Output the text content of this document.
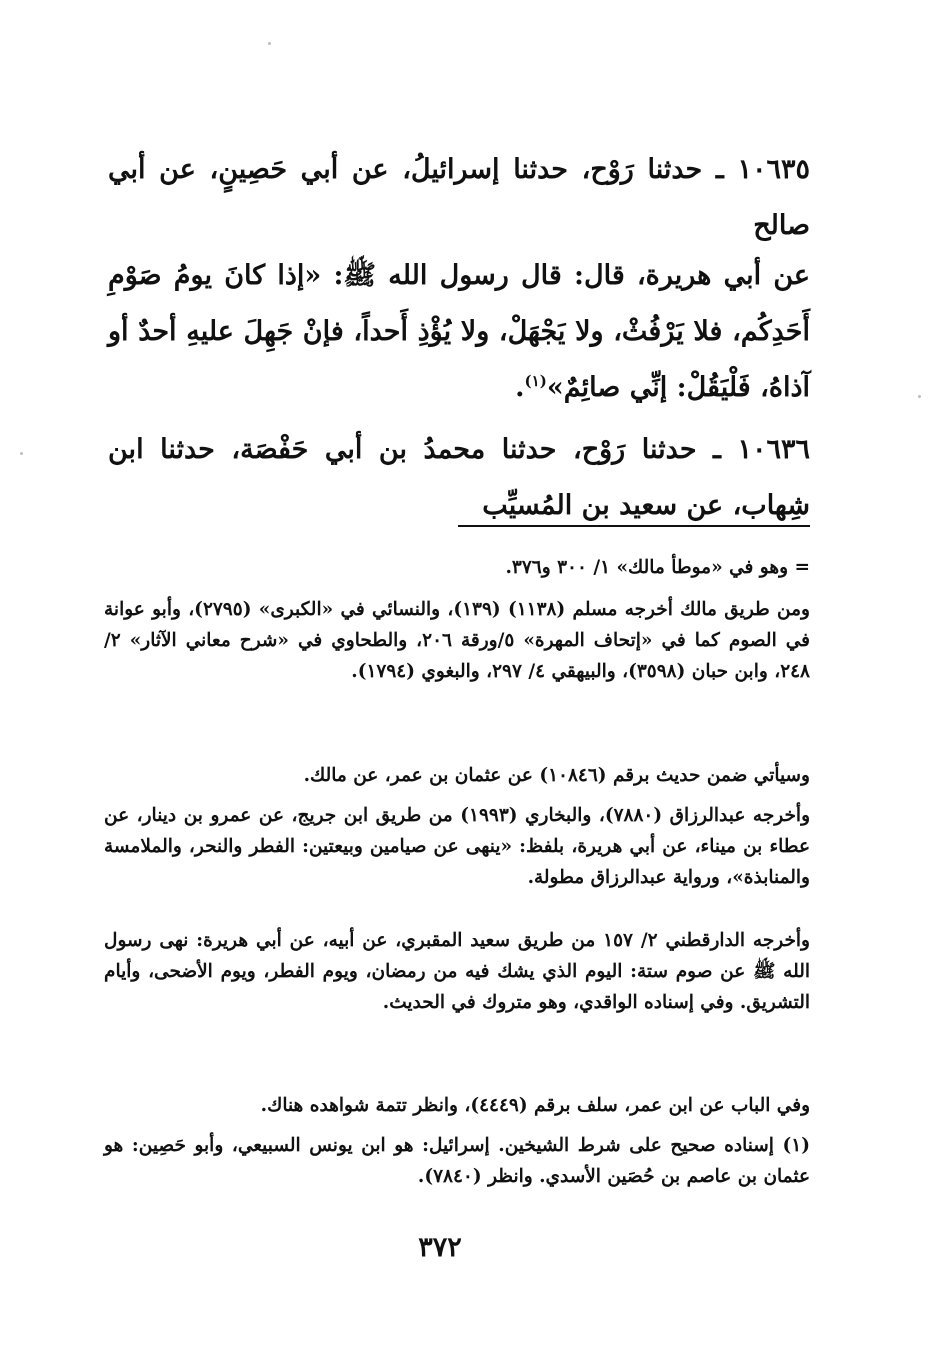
١٠٦٣٥ ـ حدثنا رَوْح، حدثنا إسرائيلُ، عن أبي حَصِينٍ، عن أبي صالح

عن أبي هريرة، قال: قال رسول الله ﷺ: «إذا كانَ يومُ صَوْمِ أَحَدِكُم، فلا يَرْفُثْ، ولا يَجْهَلْ، ولا يُؤْذِ أَحداً، فإنْ جَهِلَ عليهِ أحدٌ أو آذاهُ، فَلْيَقُلْ: إنِّي صائِمٌ»$^{(١)}$.

١٠٦٣٦ ـ حدثنا رَوْح، حدثنا محمدُ بن أبي حَفْصَة، حدثنا ابن شِهاب، عن سعيد بن المُسيِّب

= وهو في «موطأ مالك» ١/ ٣٠٠ و٣٧٦.

ومن طريق مالك أخرجه مسلم (١١٣٨) (١٣٩)، والنسائي في «الكبرى» (٢٧٩٥)، وأبو عوانة في الصوم كما في «إتحاف المهرة» ٥/ورقة ٢٠٦، والطحاوي في «شرح معاني الآثار» ٢/ ٢٤٨، وابن حبان (٣٥٩٨)، والبيهقي ٤/ ٢٩٧، والبغوي (١٧٩٤).

وسيأتي ضمن حديث برقم (١٠٨٤٦) عن عثمان بن عمر، عن مالك.

وأخرجه عبدالرزاق (٧٨٨٠)، والبخاري (١٩٩٣) من طريق ابن جريج، عن عمرو بن دينار، عن عطاء بن ميناء، عن أبي هريرة، بلفظ: «ينهى عن صيامين وبيعتين: الفطر والنحر، والملامسة والمنابذة»، ورواية عبدالرزاق مطولة.

وأخرجه الدارقطني ٢/ ١٥٧ من طريق سعيد المقبري، عن أبيه، عن أبي هريرة: نهى رسول الله ﷺ عن صوم ستة: اليوم الذي يشك فيه من رمضان، ويوم الفطر، ويوم الأضحى، وأيام التشريق. وفي إسناده الواقدي، وهو متروك في الحديث.

وفي الباب عن ابن عمر، سلف برقم (٤٤٤٩)، وانظر تتمة شواهده هناك.

(١) إسناده صحيح على شرط الشيخين. إسرائيل: هو ابن يونس السبيعي، وأبو حَصِين: هو عثمان بن عاصم بن حُصَين الأسدي. وانظر (٧٨٤٠).

٣٧٢
